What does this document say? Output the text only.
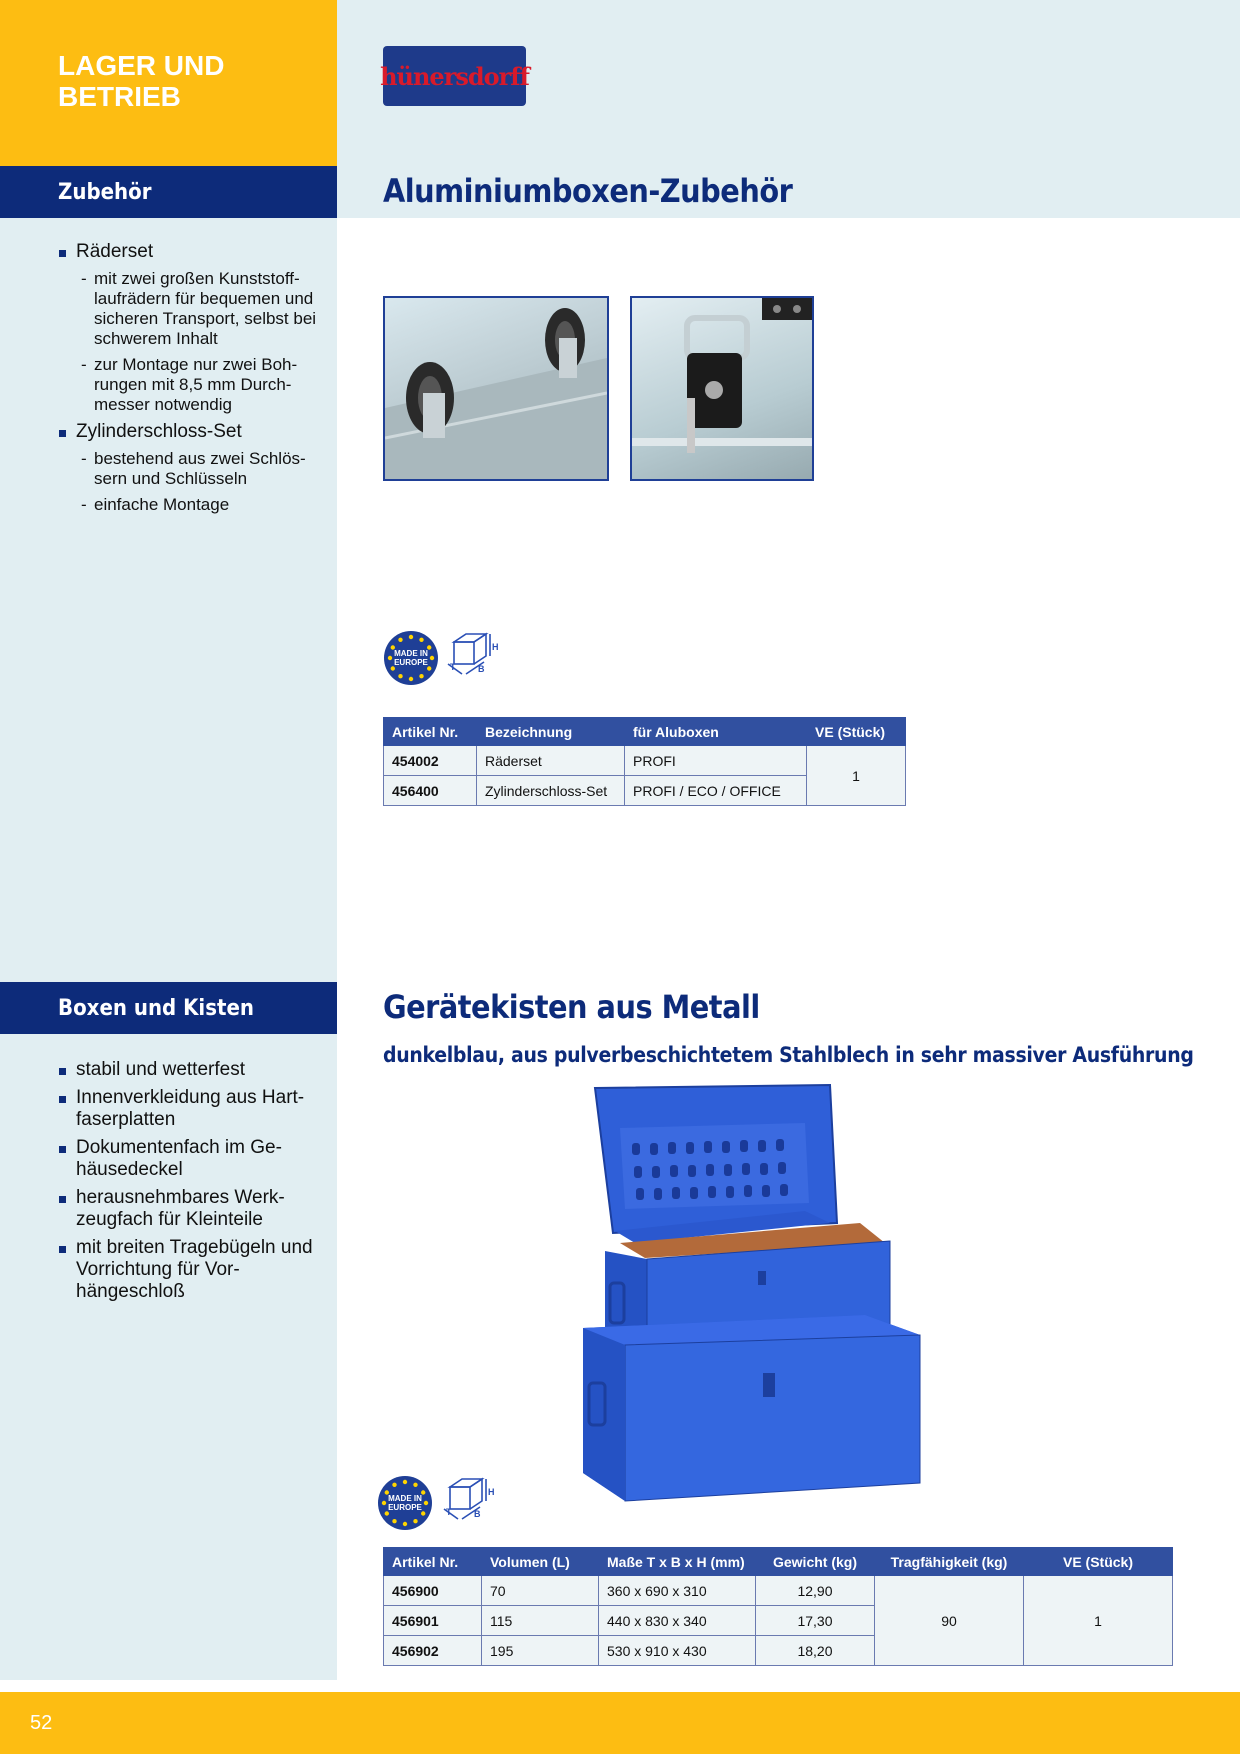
LAGER UND
BETRIEB
hünersdorff
Zubehör	Aluminiumboxen-Zubehör
Räderset
- mit zwei großen Kunststoff-laufrädern für bequemen und sicheren Transport, selbst bei schwerem Inhalt
- zur Montage nur zwei Boh-rungen mit 8,5 mm Durch-messer notwendig
Zylinderschloss-Set
- bestehend aus zwei Schlös-sern und Schlüsseln
- einfache Montage
MADE IN
EUROPE	T	B
H
Artikel Nr.	Bezeichnung	für Aluboxen	VE (Stück)
454002	Räderset	PROFI	1
456400	Zylinderschloss-Set	PROFI / ECO / OFFICE	
Boxen und Kisten	Gerätekisten aus Metall
dunkelblau, aus pulverbeschichtetem Stahlblech in sehr massiver Ausführung
stabil und wetterfest
Innenverkleidung aus Hart-faserplatten
Dokumentenfach im Ge-häusedeckel
herausnehmbares Werk-zeugfach für Kleinteile
mit breiten Tragebügeln und Vorrichtung für Vor-hängeschloß
MADE IN
EUROPE	T	B
H
Artikel Nr.	Volumen (L)	Maße T x B x H (mm)	Gewicht (kg)	Tragfähigkeit (kg)	VE (Stück)
456900	70	360 x 690 x 310	12,90	90	1
456901	115	440 x 830 x 340	17,30		
456902	195	530 x 910 x 430	18,20		
52
